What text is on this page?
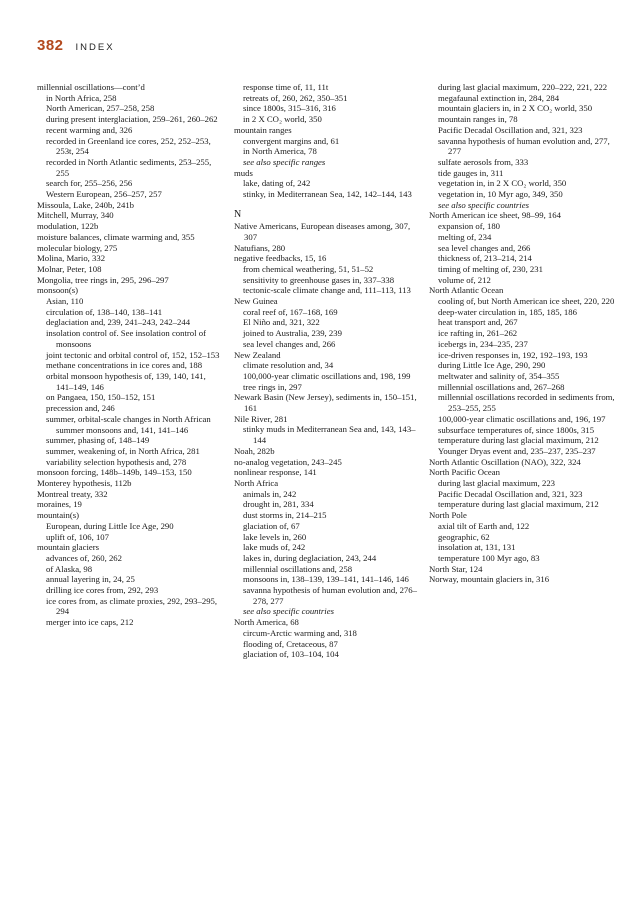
382 INDEX
millennial oscillations—cont’d
in North Africa, 258
North American, 257–258, 258
during present interglaciation, 259–261, 260–262
recent warming and, 326
recorded in Greenland ice cores, 252, 252–253, 253t, 254
recorded in North Atlantic sediments, 253–255, 255
search for, 255–256, 256
Western European, 256–257, 257
Missoula, Lake, 240b, 241b
Mitchell, Murray, 340
modulation, 122b
moisture balances, climate warming and, 355
molecular biology, 275
Molina, Mario, 332
Molnar, Peter, 108
Mongolia, tree rings in, 295, 296–297
monsoon(s)
Asian, 110
circulation of, 138–140, 138–141
deglaciation and, 239, 241–243, 242–244
insolation control of. See insolation control of monsoons
joint tectonic and orbital control of, 152, 152–153
methane concentrations in ice cores and, 188
orbital monsoon hypothesis of, 139, 140, 141, 141–149, 146
on Pangaea, 150, 150–152, 151
precession and, 246
summer, orbital-scale changes in North African summer monsoons and, 141, 141–146
summer, phasing of, 148–149
summer, weakening of, in North Africa, 281
variability selection hypothesis and, 278
monsoon forcing, 148b–149b, 149–153, 150
Monterey hypothesis, 112b
Montreal treaty, 332
moraines, 19
mountain(s)
European, during Little Ice Age, 290
uplift of, 106, 107
mountain glaciers
advances of, 260, 262
of Alaska, 98
annual layering in, 24, 25
drilling ice cores from, 292, 293
ice cores from, as climate proxies, 292, 293–295, 294
merger into ice caps, 212
response time of, 11, 11t
retreats of, 260, 262, 350–351
since 1800s, 315–316, 316
in 2 X CO₂ world, 350
mountain ranges
convergent margins and, 61
in North America, 78
see also specific ranges
muds
lake, dating of, 242
stinky, in Mediterranean Sea, 142, 142–144, 143
N
Native Americans, European diseases among, 307, 307
Natufians, 280
negative feedbacks, 15, 16
from chemical weathering, 51, 51–52
sensitivity to greenhouse gases in, 337–338
tectonic-scale climate change and, 111–113, 113
New Guinea
coral reef of, 167–168, 169
El Niño and, 321, 322
joined to Australia, 239, 239
sea level changes and, 266
New Zealand
climate resolution and, 34
100,000-year climatic oscillations and, 198, 199
tree rings in, 297
Newark Basin (New Jersey), sediments in, 150–151, 161
Nile River, 281
stinky muds in Mediterranean Sea and, 143, 143–144
Noah, 282b
no-analog vegetation, 243–245
nonlinear response, 141
North Africa
animals in, 242
drought in, 281, 334
dust storms in, 214–215
glaciation of, 67
lake levels in, 260
lake muds of, 242
lakes in, during deglaciation, 243, 244
millennial oscillations and, 258
monsoons in, 138–139, 139–141, 141–146, 146
savanna hypothesis of human evolution and, 276–278, 277
see also specific countries
North America, 68
circum-Arctic warming and, 318
flooding of, Cretaceous, 87
glaciation of, 103–104, 104
during last glacial maximum, 220–222, 221, 222
megafaunal extinction in, 284, 284
mountain glaciers in, in 2 X CO₂ world, 350
mountain ranges in, 78
Pacific Decadal Oscillation and, 321, 323
savanna hypothesis of human evolution and, 277, 277
sulfate aerosols from, 333
tide gauges in, 311
vegetation in, in 2 X CO₂ world, 350
vegetation in, 10 Myr ago, 349, 350
see also specific countries
North American ice sheet, 98–99, 164
expansion of, 180
melting of, 234
sea level changes and, 266
thickness of, 213–214, 214
timing of melting of, 230, 231
volume of, 212
North Atlantic Ocean
cooling of, but North American ice sheet, 220, 220
deep-water circulation in, 185, 185, 186
heat transport and, 267
ice rafting in, 261–262
icebergs in, 234–235, 237
ice-driven responses in, 192, 192–193, 193
during Little Ice Age, 290, 290
meltwater and salinity of, 354–355
millennial oscillations and, 267–268
millennial oscillations recorded in sediments from, 253–255, 255
100,000-year climatic oscillations and, 196, 197
subsurface temperatures of, since 1800s, 315
temperature during last glacial maximum, 212
Younger Dryas event and, 235–237, 235–237
North Atlantic Oscillation (NAO), 322, 324
North Pacific Ocean
during last glacial maximum, 223
Pacific Decadal Oscillation and, 321, 323
temperature during last glacial maximum, 212
North Pole
axial tilt of Earth and, 122
geographic, 62
insolation at, 131, 131
temperature 100 Myr ago, 83
North Star, 124
Norway, mountain glaciers in, 316
